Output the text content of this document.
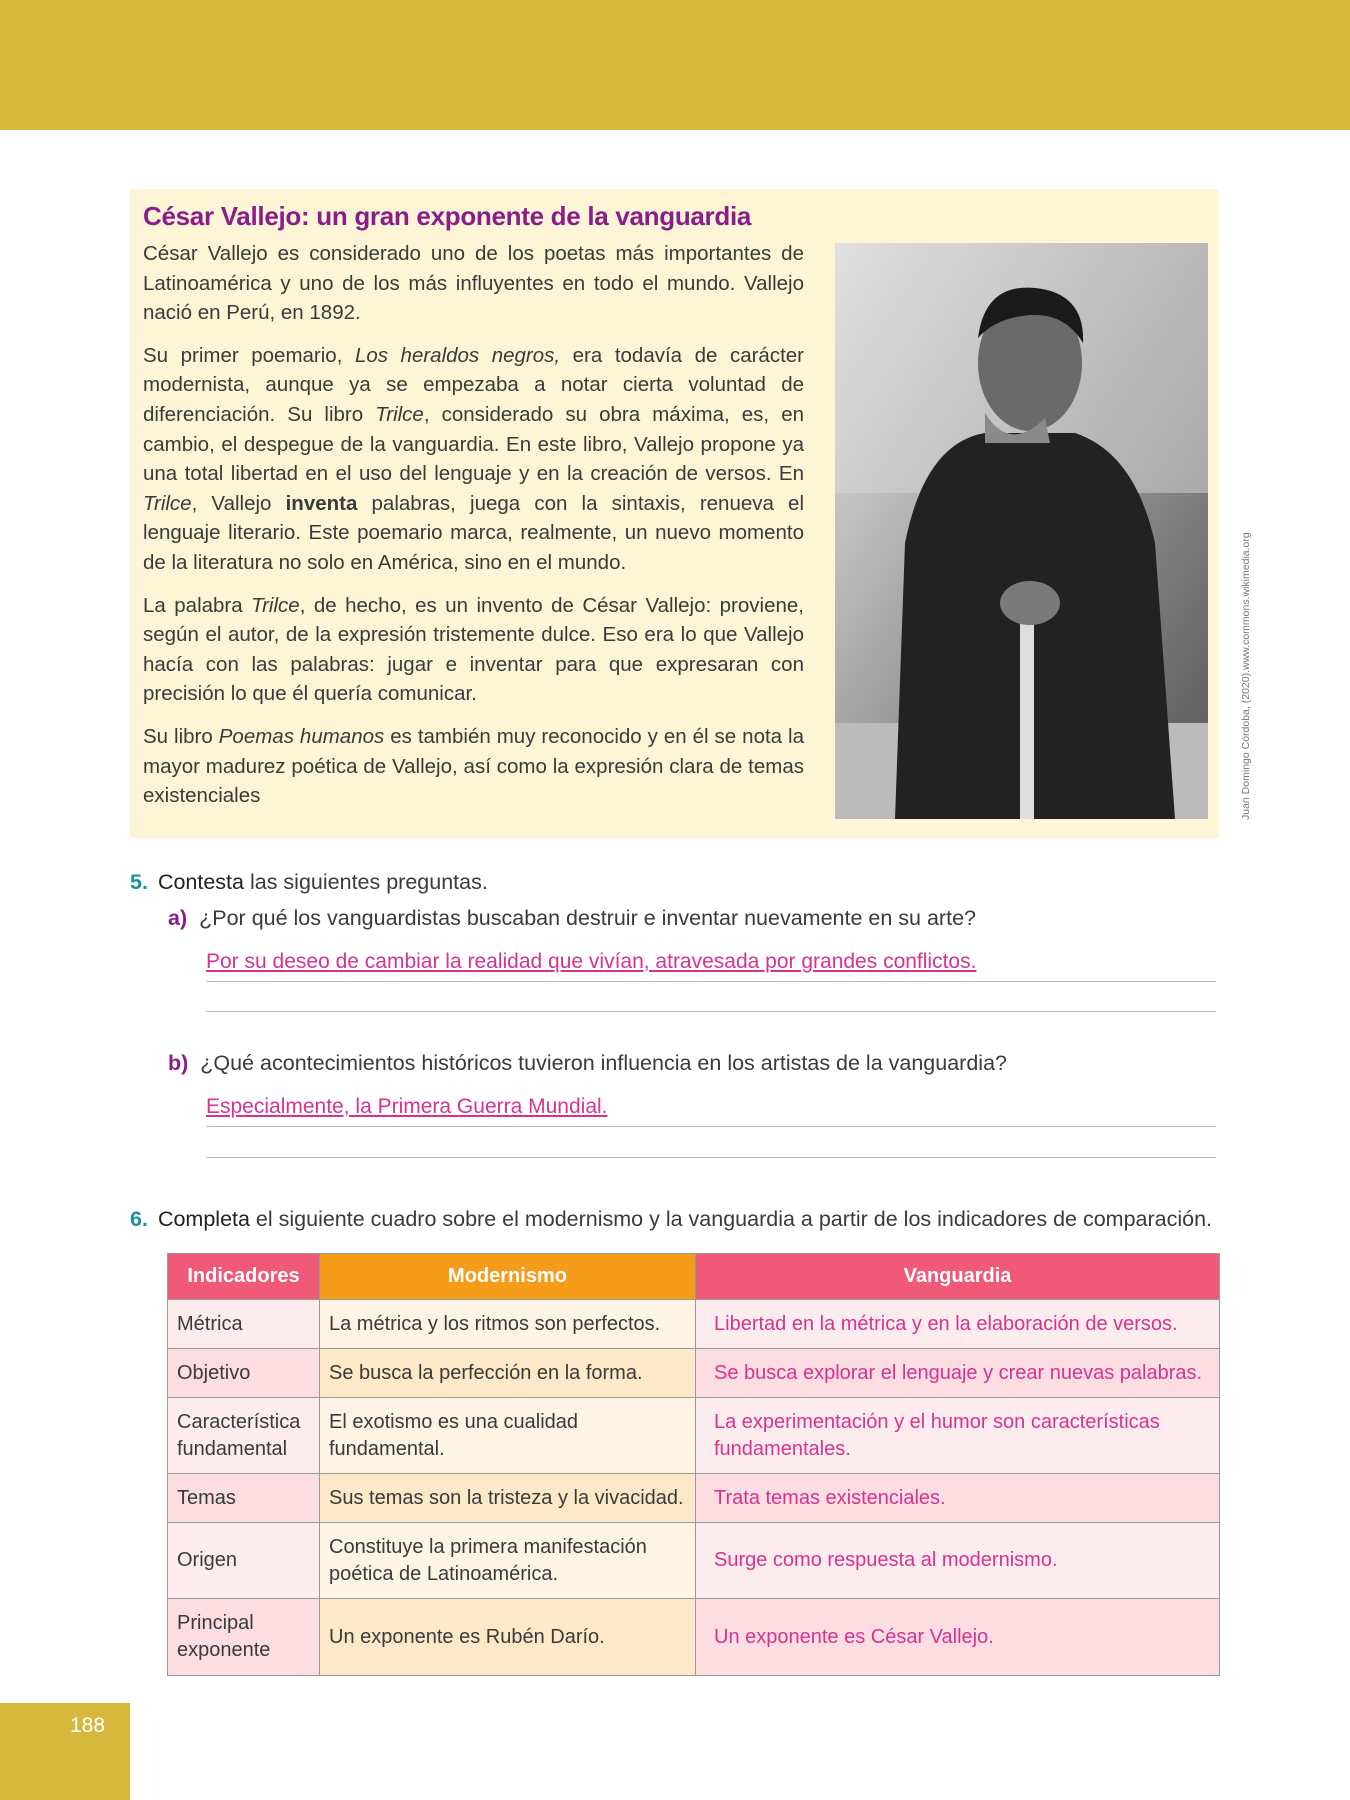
César Vallejo: un gran exponente de la vanguardia

César Vallejo es considerado uno de los poetas más importantes de Latinoamérica y uno de los más influyentes en todo el mundo. Vallejo nació en Perú, en 1892.

Su primer poemario, Los heraldos negros, era todavía de carácter modernista, aunque ya se empezaba a notar cierta voluntad de diferenciación. Su libro Trilce, considerado su obra máxima, es, en cambio, el despegue de la vanguardia. En este libro, Vallejo propone ya una total libertad en el uso del lenguaje y en la creación de versos. En Trilce, Vallejo inventa palabras, juega con la sintaxis, renueva el lenguaje literario. Este poemario marca, realmente, un nuevo momento de la literatura no solo en América, sino en el mundo.

La palabra Trilce, de hecho, es un invento de César Vallejo: proviene, según el autor, de la expresión tristemente dulce. Eso era lo que Vallejo hacía con las palabras: jugar e inventar para que expresaran con precisión lo que él quería comunicar.

Su libro Poemas humanos es también muy reconocido y en él se nota la mayor madurez poética de Vallejo, así como la expresión clara de temas existenciales	Juan Domingo Córdoba, (2020).www.commons.wikimedia.org
5. Contesta las siguientes preguntas.
a) ¿Por qué los vanguardistas buscaban destruir e inventar nuevamente en su arte?
Por su deseo de cambiar la realidad que vivían, atravesada por grandes conflictos.
b) ¿Qué acontecimientos históricos tuvieron influencia en los artistas de la vanguardia?
Especialmente, la Primera Guerra Mundial.
6. Completa el siguiente cuadro sobre el modernismo y la vanguardia a partir de los indicadores de comparación.
Indicadores	Modernismo	Vanguardia
Métrica	La métrica y los ritmos son perfectos.	Libertad en la métrica y en la elaboración de versos.
Objetivo	Se busca la perfección en la forma.	Se busca explorar el lenguaje y crear nuevas palabras.
Característica fundamental	El exotismo es una cualidad fundamental.	La experimentación y el humor son características fundamentales.
Temas	Sus temas son la tristeza y la vivacidad.	Trata temas existenciales.
Origen	Constituye la primera manifestación poética de Latinoamérica.	Surge como respuesta al modernismo.
Principal exponente	Un exponente es Rubén Darío.	Un exponente es César Vallejo.
188
